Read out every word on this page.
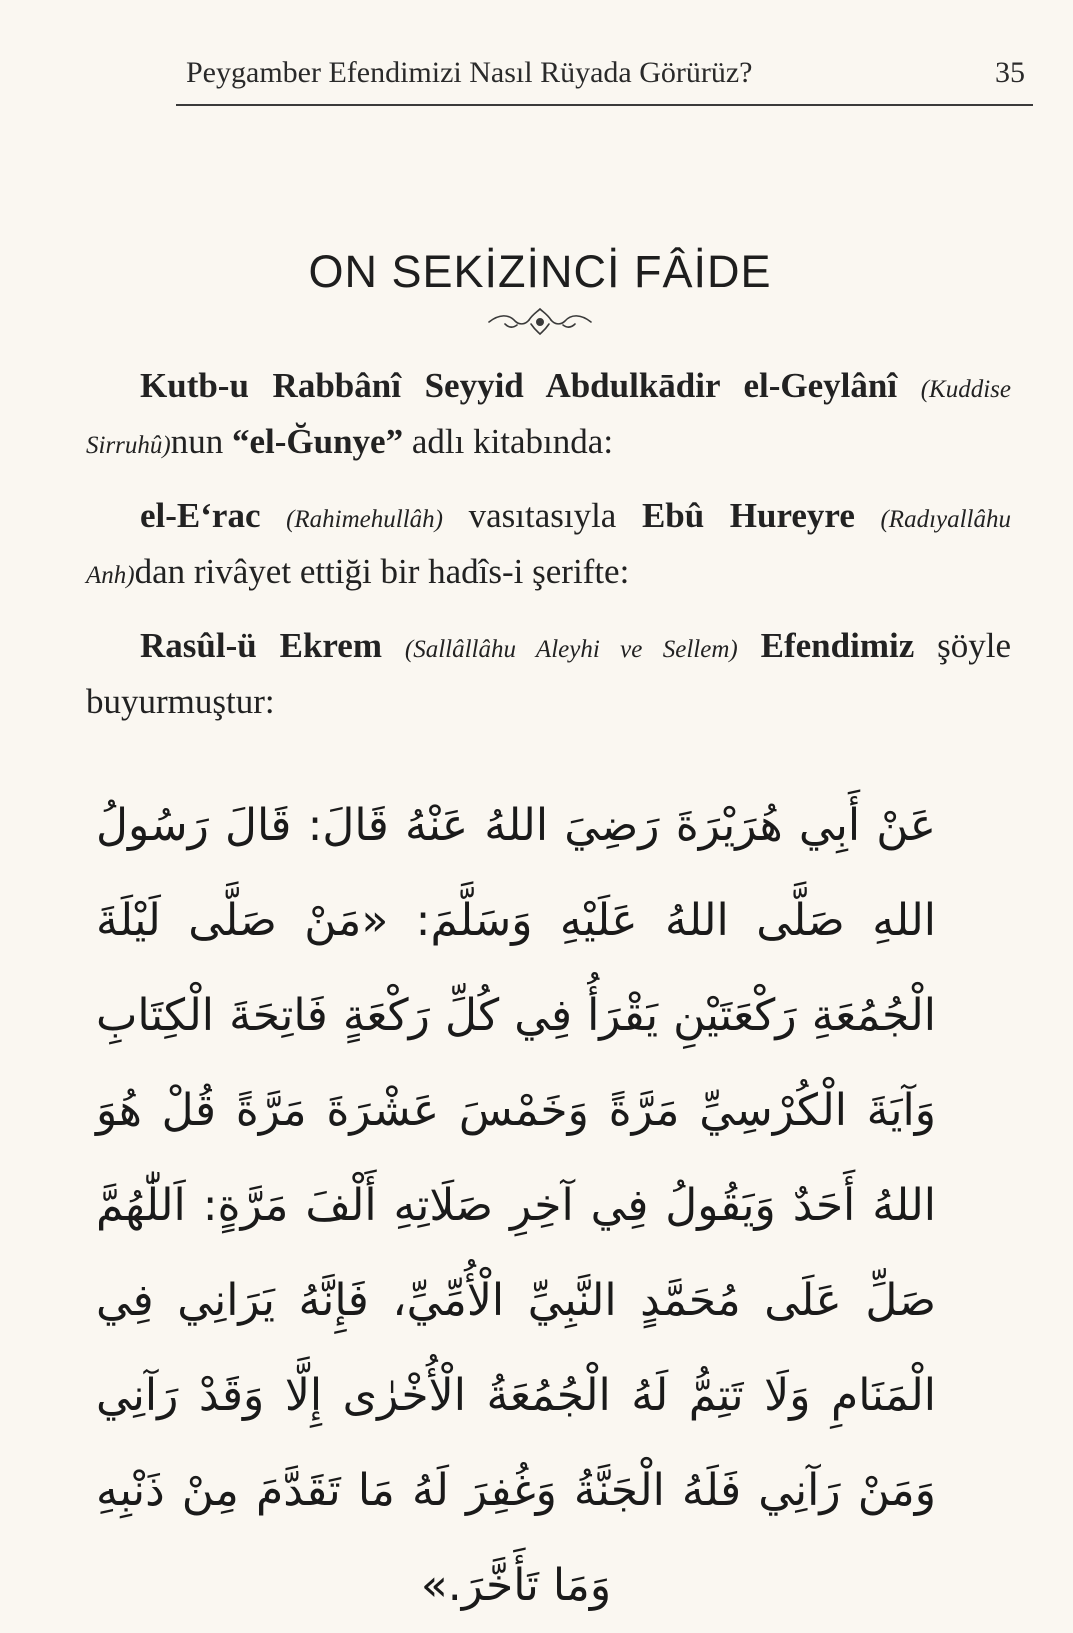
Peygamber Efendimizi Nasıl Rüyada Görürüz?	35
ON SEKİZİNCİ FÂİDE

Kutb-u Rabbânî Seyyid Abdulkādir el-Geylânî (Kuddise Sirruhû)nun “el-Ğunye” adlı kitabında:

el-E‘rac (Rahimehullâh) vasıtasıyla Ebû Hureyre (Radıyallâhu Anh)dan rivâyet ettiği bir hadîs-i şerifte:

Rasûl-ü Ekrem (Sallâllâhu Aleyhi ve Sellem) Efendimiz şöyle buyurmuştur:

عَنْ أَبِي هُرَيْرَةَ رَضِيَ اللهُ عَنْهُ قَالَ: قَالَ رَسُولُ اللهِ صَلَّى اللهُ عَلَيْهِ وَسَلَّمَ: «مَنْ صَلَّى لَيْلَةَ الْجُمُعَةِ رَكْعَتَيْنِ يَقْرَأُ فِي كُلِّ رَكْعَةٍ فَاتِحَةَ الْكِتَابِ وَآيَةَ الْكُرْسِيِّ مَرَّةً وَخَمْسَ عَشْرَةَ مَرَّةً قُلْ هُوَ اللهُ أَحَدٌ وَيَقُولُ فِي آخِرِ صَلَاتِهِ أَلْفَ مَرَّةٍ: اَللّٰهُمَّ صَلِّ عَلَى مُحَمَّدٍ النَّبِيِّ الْأُمِّيِّ، فَإِنَّهُ يَرَانِي فِي الْمَنَامِ وَلَا تَتِمُّ لَهُ الْجُمُعَةُ الْأُخْرٰى إِلَّا وَقَدْ رَآنِي وَمَنْ رَآنِي فَلَهُ الْجَنَّةُ وَغُفِرَ لَهُ مَا تَقَدَّمَ مِنْ ذَنْبِهِ وَمَا تَأَخَّرَ.»
